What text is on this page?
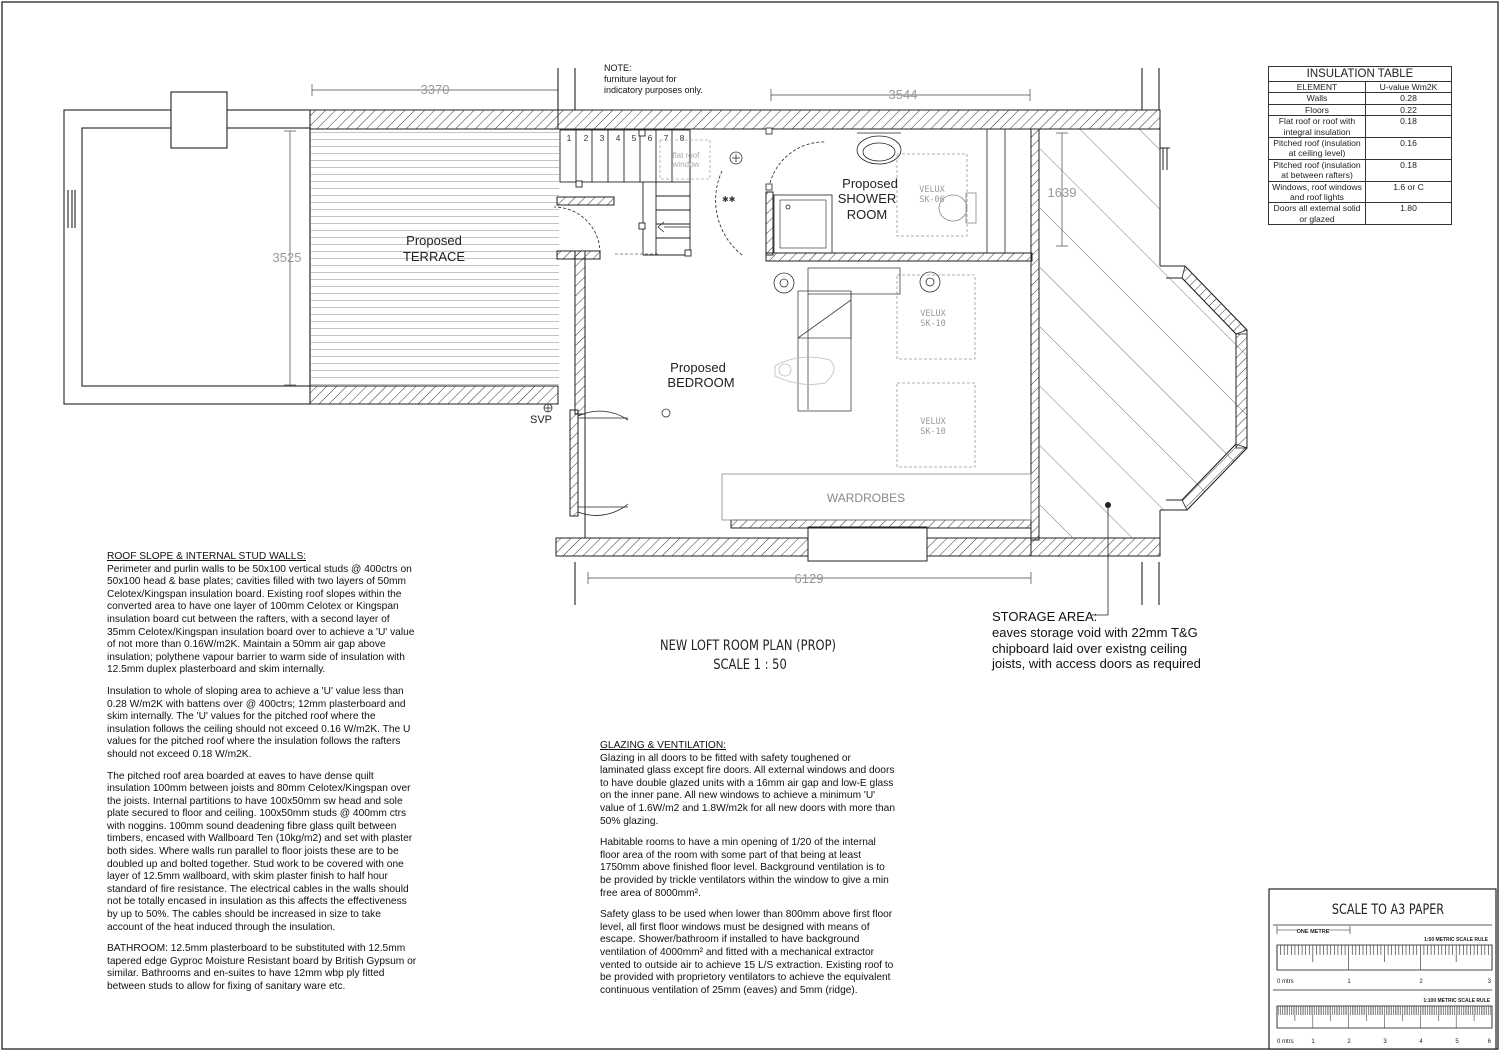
3370
3525
3544
6129
1 2 3 4 5 6 7 8
flat roof
window
✱✱
VELUX
SK-06
VELUX
SK-10
VELUX
SK-10
WARDROBES
Proposed
TERRACE
Proposed
SHOWER
ROOM
Proposed
BEDROOM
SVP
NOTE:
furniture layout for
indicatory purposes only.
NEW LOFT ROOM PLAN (PROP)
SCALE 1 : 50
STORAGE AREA:
eaves storage void with 22mm T&G
chipboard laid over existng ceiling
joists, with access doors as required
SCALE TO A3 PAPER
ONE METRE
1:50 METRIC SCALE RULE
0 mtrs	1	2	3
1:100 METRIC SCALE RULE
0 mtrs	1	2	3	4	5	6
INSULATION TABLE	
ELEMENT	U-value Wm2K
Walls	0.28
Floors	0.22
Flat roof or roof with integral insulation	0.18
Pitched roof (insulation at ceiling level)	0.16
Pitched roof (insulation at between rafters)	0.18
Windows, roof windows and roof lights	1.6 or C
Doors all external solid or glazed	1.80

ROOF SLOPE & INTERNAL STUD WALLS:
Perimeter and purlin walls to be 50x100 vertical studs @ 400ctrs on 50x100 head & base plates; cavities filled with two layers of 50mm Celotex/Kingspan insulation board. Existing roof slopes within the converted area to have one layer of 100mm Celotex or Kingspan insulation board cut between the rafters, with a second layer of 35mm Celotex/Kingspan insulation board over to achieve a 'U' value of not more than 0.16W/m2K. Maintain a 50mm air gap above insulation; polythene vapour barrier to warm side of insulation with 12.5mm duplex plasterboard and skim internally.

Insulation to whole of sloping area to achieve a 'U' value less than 0.28 W/m2K with battens over @ 400ctrs; 12mm plasterboard and skim internally. The 'U' values for the pitched roof where the insulation follows the ceiling should not exceed 0.16 W/m2K. The U values for the pitched roof where the insulation follows the rafters should not exceed 0.18 W/m2K.

The pitched roof area boarded at eaves to have dense quilt insulation 100mm between joists and 80mm Celotex/Kingspan over the joists. Internal partitions to have 100x50mm sw head and sole plate secured to floor and ceiling. 100x50mm studs @ 400mm ctrs with noggins. 100mm sound deadening fibre glass quilt between timbers, encased with Wallboard Ten (10kg/m2) and set with plaster both sides. Where walls run parallel to floor joists these are to be doubled up and bolted together. Stud work to be covered with one layer of 12.5mm wallboard, with skim plaster finish to half hour standard of fire resistance. The electrical cables in the walls should not be totally encased in insulation as this affects the effectiveness by up to 50%. The cables should be increased in size to take account of the heat induced through the insulation.

BATHROOM: 12.5mm plasterboard to be substituted with 12.5mm tapered edge Gyproc Moisture Resistant board by British Gypsum or similar. Bathrooms and en-suites to have 12mm wbp ply fitted between studs to allow for fixing of sanitary ware etc.

GLAZING & VENTILATION:
Glazing in all doors to be fitted with safety toughened or laminated glass except fire doors. All external windows and doors to have double glazed units with a 16mm air gap and low-E glass on the inner pane. All new windows to achieve a minimum 'U' value of 1.6W/m2 and 1.8W/m2k for all new doors with more than 50% glazing.

Habitable rooms to have a min opening of 1/20 of the internal floor area of the room with some part of that being at least 1750mm above finished floor level. Background ventilation is to be provided by trickle ventilators within the window to give a min free area of 8000mm².

Safety glass to be used when lower than 800mm above first floor level, all first floor windows must be designed with means of escape. Shower/bathroom if installed to have background ventilation of 4000mm² and fitted with a mechanical extractor vented to outside air to achieve 15 L/S extraction. Existing roof to be provided with proprietory ventilators to achieve the equivalent continuous ventilation of 25mm (eaves) and 5mm (ridge).
